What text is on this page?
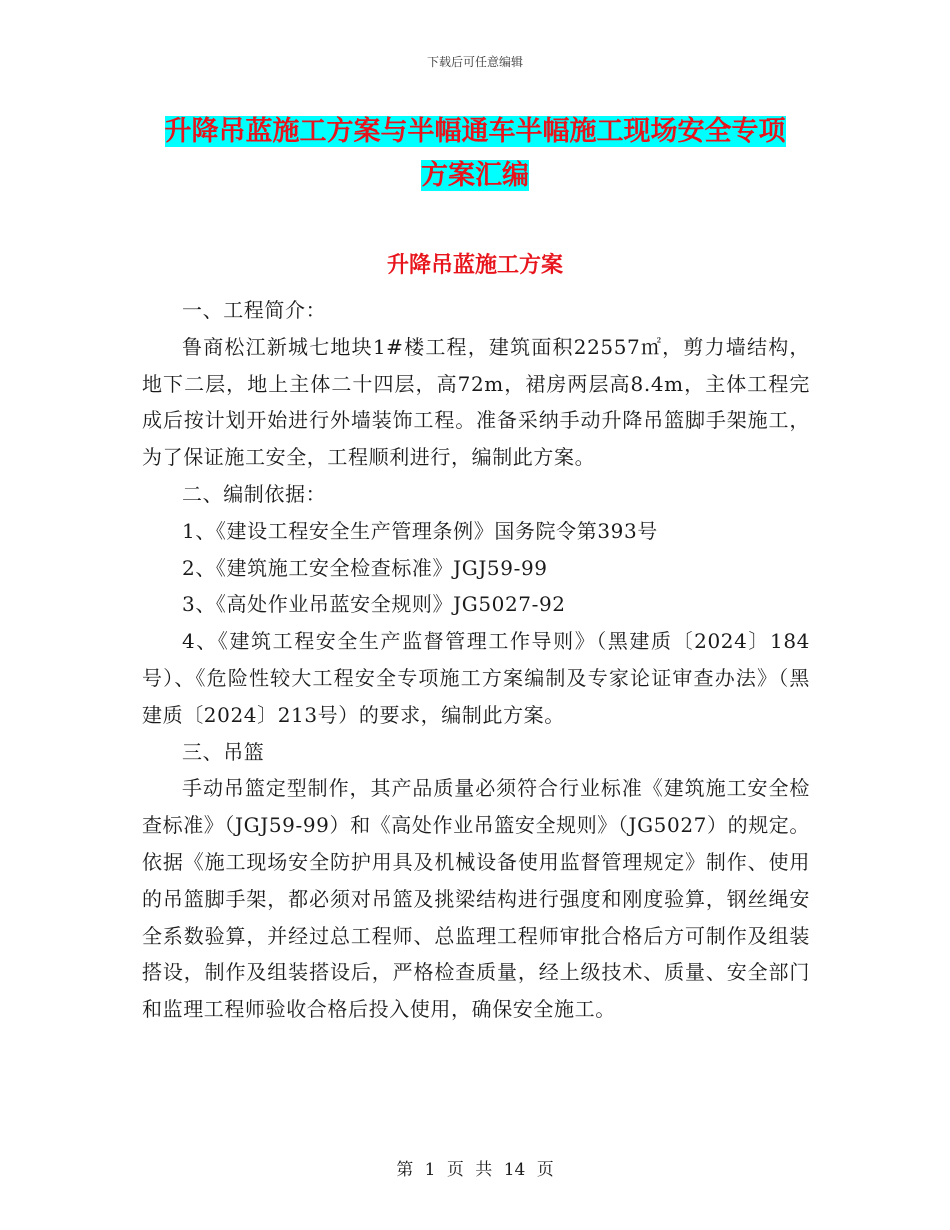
下载后可任意编辑
升降吊蓝施工方案与半幅通车半幅施工现场安全专项
方案汇编
升降吊蓝施工方案

一、工程简介：

鲁商松江新城七地块1#楼工程，建筑面积22557㎡，剪力墙结构，地下二层，地上主体二十四层，高72m，裙房两层高8.4m，主体工程完成后按计划开始进行外墙装饰工程。准备采纳手动升降吊篮脚手架施工，为了保证施工安全，工程顺利进行，编制此方案。

二、编制依据：

1、《建设工程安全生产管理条例》国务院令第393号

2、《建筑施工安全检查标准》JGJ59-99

3、《高处作业吊蓝安全规则》JG5027-92

4、《建筑工程安全生产监督管理工作导则》（黑建质〔2024〕184号）、《危险性较大工程安全专项施工方案编制及专家论证审查办法》（黑建质〔2024〕213号）的要求，编制此方案。

三、吊篮

手动吊篮定型制作，其产品质量必须符合行业标准《建筑施工安全检查标准》（JGJ59-99）和《高处作业吊篮安全规则》（JG5027）的规定。依据《施工现场安全防护用具及机械设备使用监督管理规定》制作、使用的吊篮脚手架，都必须对吊篮及挑梁结构进行强度和刚度验算，钢丝绳安全系数验算，并经过总工程师、总监理工程师审批合格后方可制作及组装搭设，制作及组装搭设后，严格检查质量，经上级技术、质量、安全部门和监理工程师验收合格后投入使用，确保安全施工。

第 1 页 共 14 页
